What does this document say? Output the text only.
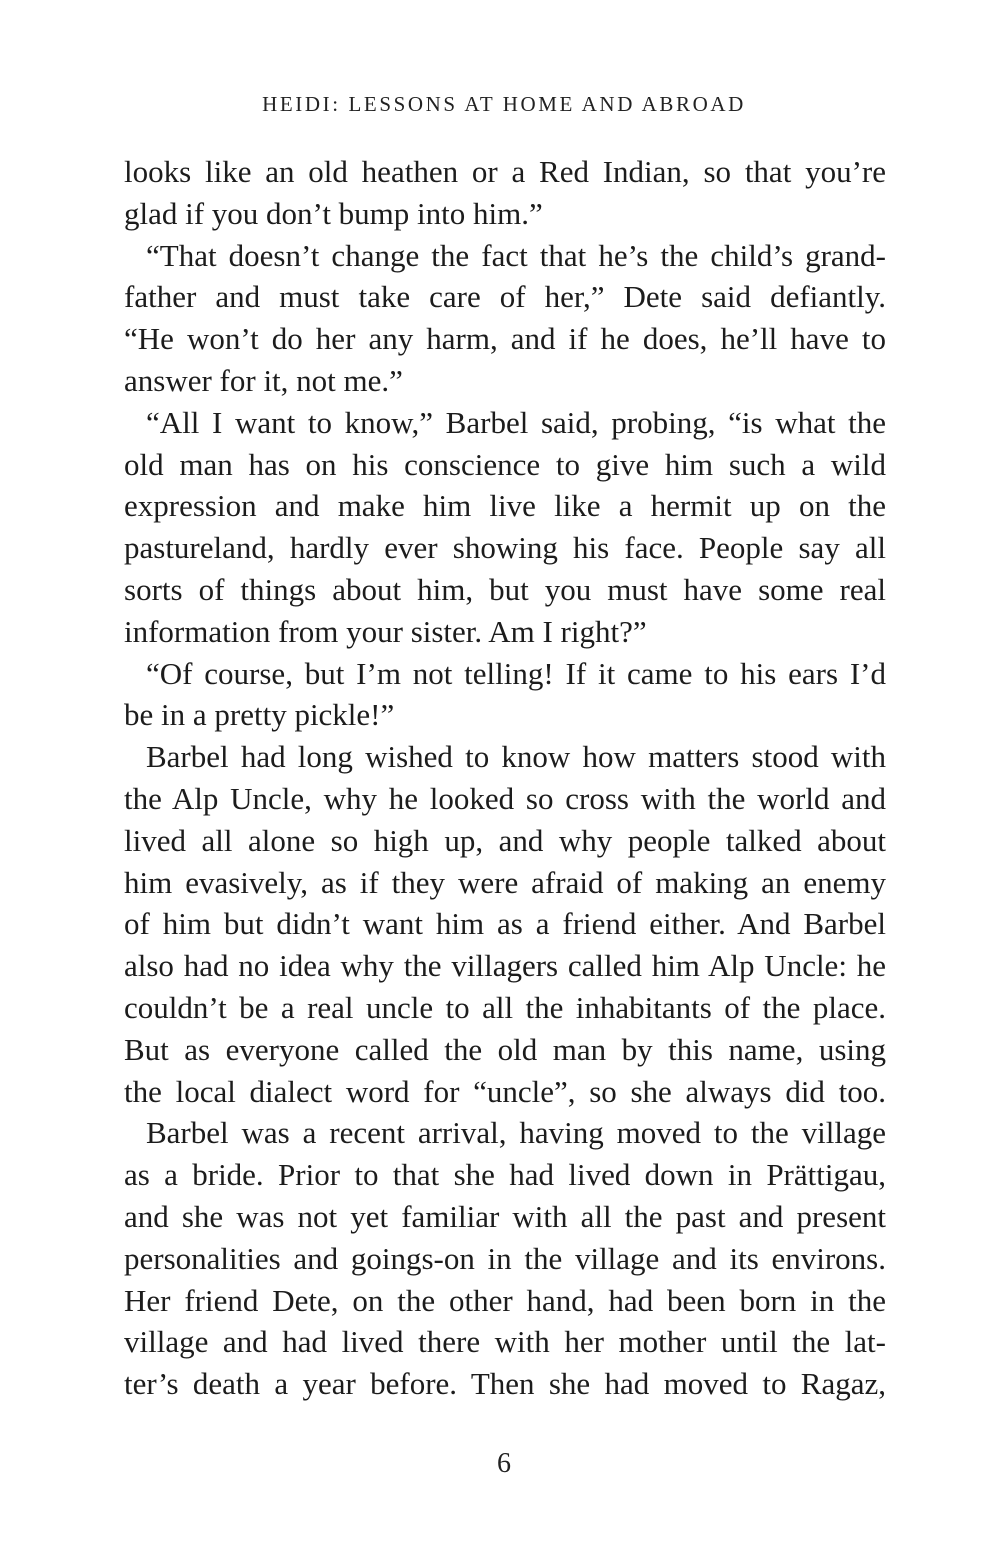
HEIDI: LESSONS AT HOME AND ABROAD
looks like an old heathen or a Red Indian, so that you’re
glad if you don’t bump into him.”
“That doesn’t change the fact that he’s the child’s grand-
father and must take care of her,” Dete said defiantly.
“He won’t do her any harm, and if he does, he’ll have to
answer for it, not me.”
“All I want to know,” Barbel said, probing, “is what the
old man has on his conscience to give him such a wild
expression and make him live like a hermit up on the
pastureland, hardly ever showing his face. People say all
sorts of things about him, but you must have some real
information from your sister. Am I right?”
“Of course, but I’m not telling! If it came to his ears I’d
be in a pretty pickle!”
Barbel had long wished to know how matters stood with
the Alp Uncle, why he looked so cross with the world and
lived all alone so high up, and why people talked about
him evasively, as if they were afraid of making an enemy
of him but didn’t want him as a friend either. And Barbel
also had no idea why the villagers called him Alp Uncle: he
couldn’t be a real uncle to all the inhabitants of the place.
But as everyone called the old man by this name, using
the local dialect word for “uncle”, so she always did too.
Barbel was a recent arrival, having moved to the village
as a bride. Prior to that she had lived down in Prättigau,
and she was not yet familiar with all the past and present
personalities and goings-on in the village and its environs.
Her friend Dete, on the other hand, had been born in the
village and had lived there with her mother until the lat-
ter’s death a year before. Then she had moved to Ragaz,
6
